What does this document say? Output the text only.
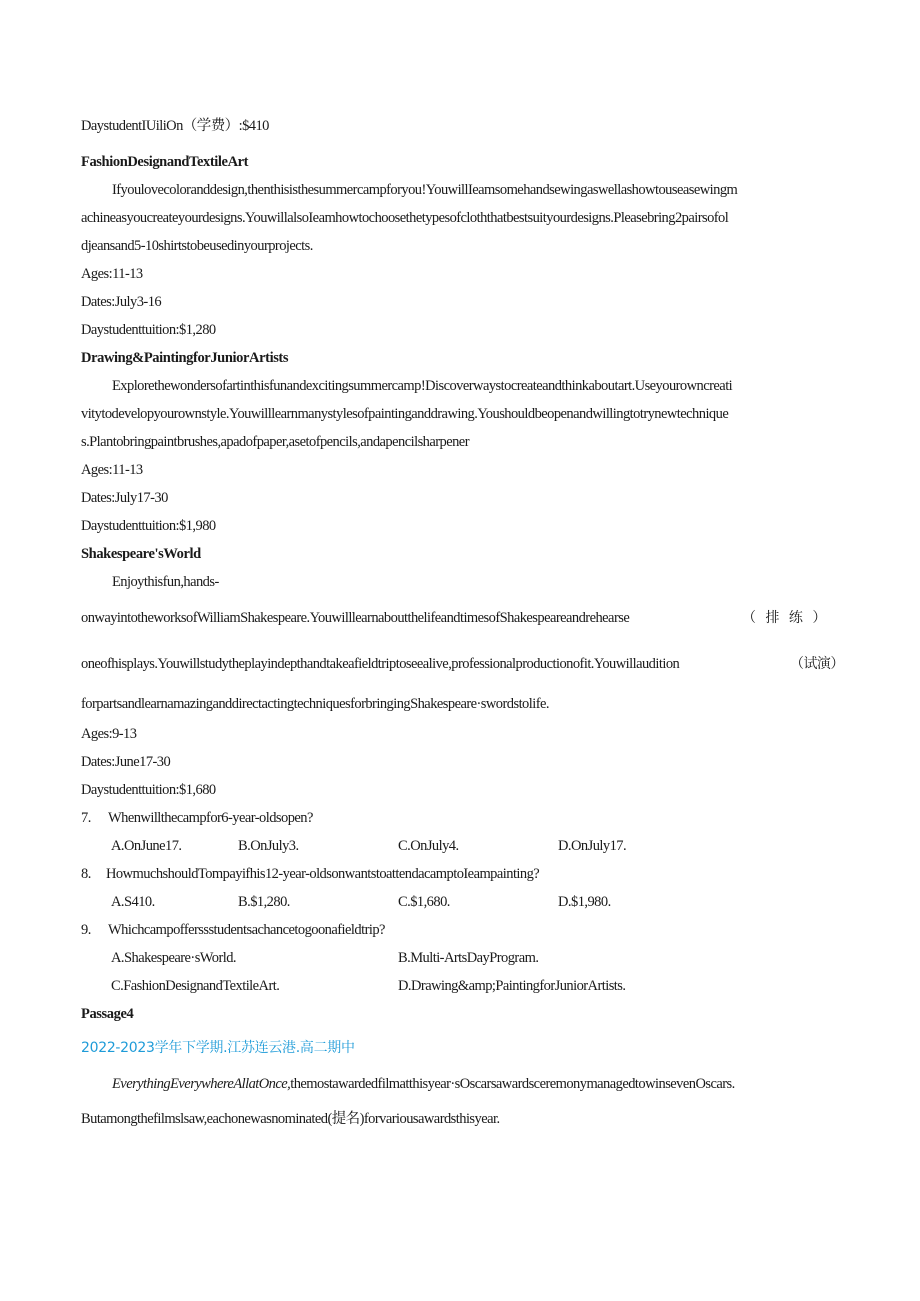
DaystudentIUiliOn（学费）:$410
FashionDesignandTextileArt
Ifyoulovecoloranddesign,thenthisisthesummercampforyou!YouwillIeamsomehandsewingaswellashowtouseasewingm
achineasyoucreateyourdesigns.YouwillalsoIeamhowtochoosethetypesofcloththatbestsuityourdesigns.Pleasebring2pairsofol
djeansand5-10shirtstobeusedinyourprojects.
Ages:11-13
Dates:July3-16
Daystudenttuition:$1,280
Drawing&PaintingforJuniorArtists
Explorethewondersofartinthisfunandexcitingsummercamp!Discoverwaystocreateandthinkaboutart.Useyourowncreati
vitytodevelopyourownstyle.Youwilllearnmanystylesofpaintinganddrawing.Youshouldbeopenandwillingtotrynewtechnique
s.Plantobringpaintbrushes,apadofpaper,asetofpencils,andapencilsharpener
Ages:11-13
Dates:July17-30
Daystudenttuition:$1,980
Shakespeare'sWorld
Enjoythisfun,hands-
onwayintotheworksofWilliamShakespeare.YouwilllearnaboutthelifeandtimesofShakespeareandrehearse	（ 排 练 ）
oneofhisplays.Youwillstudytheplayindepthandtakeafieldtriptoseealive,professionalproductionofit.Youwillaudition	（试演）
forpartsandlearnamazinganddirectactingtechniquesforbringingShakespeare·swordstolife.
Ages:9-13
Dates:June17-30
Daystudenttuition:$1,680
7. Whenwillthecampfor6-year-oldsopen?
A.OnJune17.	B.OnJuly3.	C.OnJuly4.	D.OnJuly17.
8. HowmuchshouldTompayifhis12-year-oldsonwantstoattendacamptoIeampainting?
A.S410.	B.$1,280.	C.$1,680.	D.$1,980.
9. Whichcampofferssstudentsachancetogoonafieldtrip?
A.Shakespeare·sWorld.	B.Multi-ArtsDayProgram.
C.FashionDesignandTextileArt.	D.Drawing&amp;PaintingforJuniorArtists.
Passage4
2022-2023学年下学期.江苏连云港.高二期中
EverythingEverywhereAllatOnce,themostawardedfilmatthisyear·sOscarsawardsceremonymanagedtowinsevenOscars.
Butamongthefilmslsaw,eachonewasnominated(提名)forvariousawardsthisyear.
